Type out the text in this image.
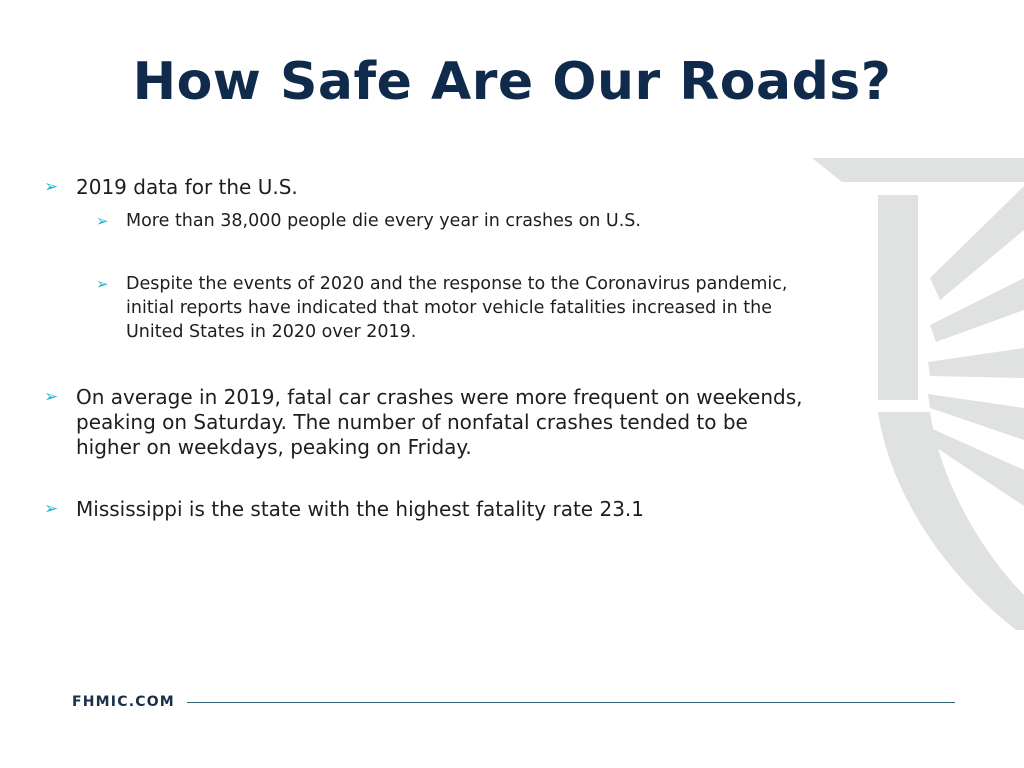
How Safe Are Our Roads?
➢ 2019 data for the U.S.
➢ More than 38,000 people die every year in crashes on U.S.
➢ Despite the events of 2020 and the response to the Coronavirus pandemic, initial reports have indicated that motor vehicle fatalities increased in the United States in 2020 over 2019.
➢ On average in 2019, fatal car crashes were more frequent on weekends, peaking on Saturday. The number of nonfatal crashes tended to be higher on weekdays, peaking on Friday.
➢ Mississippi is the state with the highest fatality rate 23.1
FHMIC.COM
